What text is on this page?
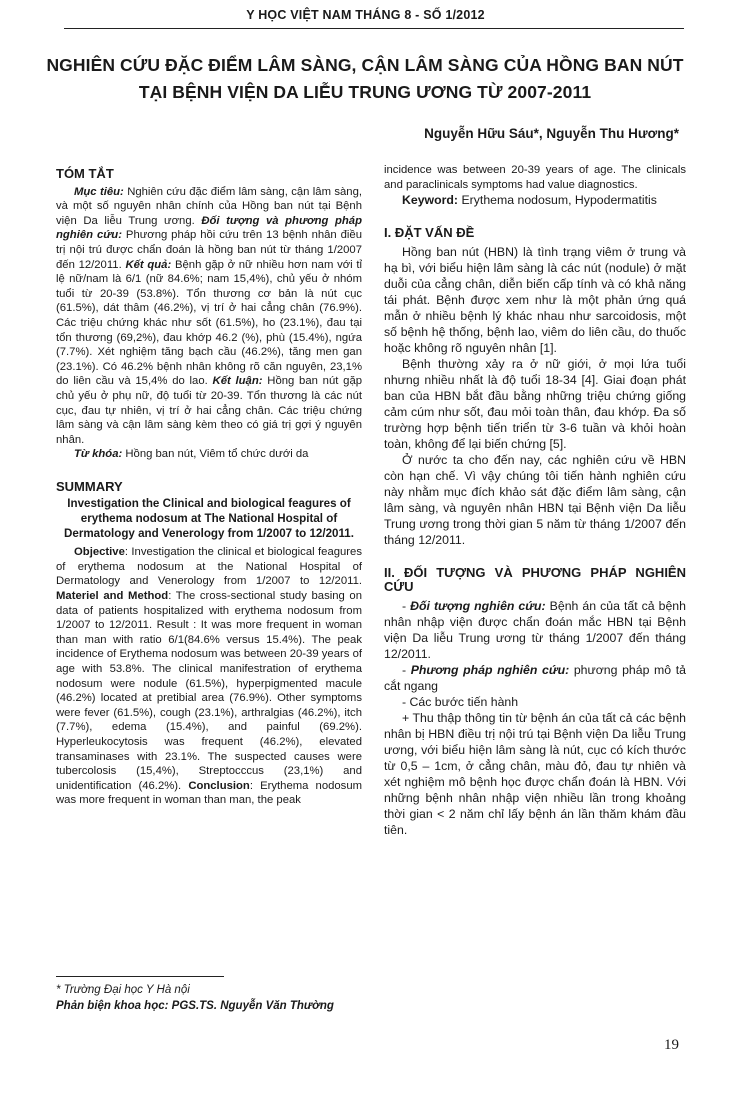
Y HỌC VIỆT NAM THÁNG 8 - SỐ 1/2012
NGHIÊN CỨU ĐẶC ĐIỂM LÂM SÀNG, CẬN LÂM SÀNG CỦA HỒNG BAN NÚT
TẠI BỆNH VIỆN DA LIỄU TRUNG ƯƠNG TỪ 2007-2011
Nguyễn Hữu Sáu*, Nguyễn Thu Hương*
TÓM TẮT

Mục tiêu: Nghiên cứu đặc điểm lâm sàng, cận lâm sàng, và một số nguyên nhân chính của Hồng ban nút tại Bệnh viện Da liễu Trung ương. Đối tượng và phương pháp nghiên cứu: Phương pháp hồi cứu trên 13 bệnh nhân điều trị nội trú được chẩn đoán là hồng ban nút từ tháng 1/2007 đến 12/2011. Kết quả: Bệnh gặp ở nữ nhiều hơn nam với tỉ lệ nữ/nam là 6/1 (nữ 84.6%; nam 15,4%), chủ yếu ở nhóm tuổi từ 20-39 (53.8%). Tổn thương cơ bản là nút cục (61.5%), dát thâm (46.2%), vị trí ở hai cẳng chân (76.9%). Các triệu chứng khác như sốt (61.5%), ho (23.1%), đau tại tổn thương (69,2%), đau khớp 46.2 (%), phù (15.4%), ngứa (7.7%). Xét nghiệm tăng bạch cầu (46.2%), tăng men gan (23.1%). Có 46.2% bệnh nhân không rõ căn nguyên, 23,1% do liên cầu và 15,4% do lao. Kết luận: Hồng ban nút gặp chủ yếu ở phụ nữ, độ tuổi từ 20-39. Tổn thương là các nút cục, đau tự nhiên, vị trí ở hai cẳng chân. Các triệu chứng lâm sàng và cận lâm sàng kèm theo có giá trị gợi ý nguyên nhân.

Từ khóa: Hồng ban nút, Viêm tổ chức dưới da

SUMMARY
Investigation the Clinical and biological feagures of erythema nodosum at The National Hospital of Dermatology and Venerology from 1/2007 to 12/2011.

Objective: Investigation the clinical et biological feagures of erythema nodosum at the National Hospital of Dermatology and Venerology from 1/2007 to 12/2011. Materiel and Method: The cross-sectional study basing on data of patients hospitalized with erythema nodosum from 1/2007 to 12/2011. Result : It was more frequent in woman than man with ratio 6/1(84.6% versus 15.4%). The peak incidence of Erythema nodosum was between 20-39 years of age with 53.8%. The clinical manifestration of erythema nodosum were nodule (61.5%), hyperpigmented macule (46.2%) located at pretibial area (76.9%). Other symptoms were fever (61.5%), cough (23.1%), arthralgias (46.2%), itch (7.7%), edema (15.4%), and painful (69.2%). Hyperleukocytosis was frequent (46.2%), elevated transaminases with 23.1%. The suspected causes were tubercolosis (15,4%), Streptocccus (23,1%) and unidentification (46.2%). Conclusion: Erythema nodosum was more frequent in woman than man, the peak

incidence was between 20-39 years of age. The clinicals and paraclinicals symptoms had value diagnostics.

Keyword: Erythema nodosum, Hypodermatitis

I. ĐẶT VẤN ĐỀ

Hồng ban nút (HBN) là tình trạng viêm ở trung và hạ bì, với biểu hiện lâm sàng là các nút (nodule) ở mặt duỗi của cẳng chân, diễn biến cấp tính và có khả năng tái phát. Bệnh được xem như là một phản ứng quá mẫn ở nhiều bệnh lý khác nhau như sarcoidosis, một số bệnh hệ thống, bệnh lao, viêm do liên cầu, do thuốc hoặc không rõ nguyên nhân [1].

Bệnh thường xảy ra ở nữ giới, ở mọi lứa tuổi nhưng nhiều nhất là độ tuổi 18-34 [4]. Giai đoạn phát ban của HBN bắt đầu bằng những triệu chứng giống cảm cúm như sốt, đau mỏi toàn thân, đau khớp. Đa số trường hợp bệnh tiến triển từ 3-6 tuần và khỏi hoàn toàn, không để lại biến chứng [5].

Ở nước ta cho đến nay, các nghiên cứu về HBN còn hạn chế. Vì vậy chúng tôi tiến hành nghiên cứu này nhằm mục đích khảo sát đặc điểm lâm sàng, cận lâm sàng, và nguyên nhân HBN tại Bệnh viện Da liễu Trung ương trong thời gian 5 năm từ tháng 1/2007 đến tháng 12/2011.

II. ĐỐI TƯỢNG VÀ PHƯƠNG PHÁP NGHIÊN CỨU

- Đối tượng nghiên cứu: Bệnh án của tất cả bệnh nhân nhập viện được chẩn đoán mắc HBN tại Bệnh viện Da liễu Trung ương từ tháng 1/2007 đến tháng 12/2011.

- Phương pháp nghiên cứu: phương pháp mô tả cắt ngang

- Các bước tiến hành

+ Thu thập thông tin từ bệnh án của tất cả các bệnh nhân bị HBN điều trị nội trú tại Bệnh viện Da liễu Trung ương, với biểu hiện lâm sàng là nút, cục có kích thước từ 0,5 – 1cm, ở cẳng chân, màu đỏ, đau tự nhiên và xét nghiệm mô bệnh học được chẩn đoán là HBN. Với những bệnh nhân nhập viện nhiều lần trong khoảng thời gian < 2 năm chỉ lấy bệnh án lần thăm khám đầu tiên.

* Trường Đại học Y Hà nội
Phản biện khoa học: PGS.TS. Nguyễn Văn Thường
19
